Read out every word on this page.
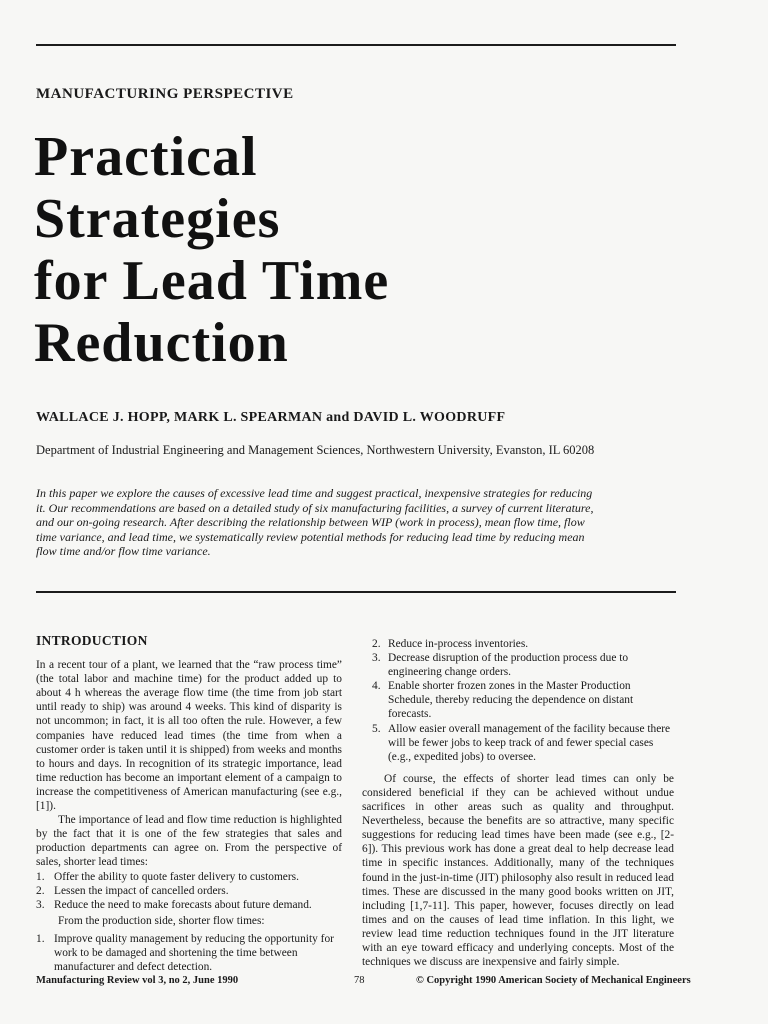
MANUFACTURING PERSPECTIVE
Practical
Strategies
for Lead Time
Reduction
WALLACE J. HOPP, MARK L. SPEARMAN and DAVID L. WOODRUFF
Department of Industrial Engineering and Management Sciences, Northwestern University, Evanston, IL 60208
In this paper we explore the causes of excessive lead time and suggest practical, inexpensive strategies for reducing it. Our recommendations are based on a detailed study of six manufacturing facilities, a survey of current literature, and our on-going research. After describing the relationship between WIP (work in process), mean flow time, flow time variance, and lead time, we systematically review potential methods for reducing lead time by reducing mean flow time and/or flow time variance.
INTRODUCTION

In a recent tour of a plant, we learned that the “raw process time” (the total labor and machine time) for the product added up to about 4 h whereas the average flow time (the time from job start until ready to ship) was around 4 weeks. This kind of disparity is not uncommon; in fact, it is all too often the rule. However, a few companies have reduced lead times (the time from when a customer order is taken until it is shipped) from weeks and months to hours and days. In recognition of its strategic importance, lead time reduction has become an important element of a campaign to increase the competitiveness of American manufacturing (see e.g., [1]).

The importance of lead and flow time reduction is highlighted by the fact that it is one of the few strategies that sales and production departments can agree on. From the perspective of sales, shorter lead times:

1. Offer the ability to quote faster delivery to customers.
2. Lessen the impact of cancelled orders.
3. Reduce the need to make forecasts about future demand.

From the production side, shorter flow times:

1. Improve quality management by reducing the opportunity for work to be damaged and shortening the time between manufacturer and defect detection.
2. Reduce in-process inventories.
3. Decrease disruption of the production process due to engineering change orders.
4. Enable shorter frozen zones in the Master Production Schedule, thereby reducing the dependence on distant forecasts.
5. Allow easier overall management of the facility because there will be fewer jobs to keep track of and fewer special cases (e.g., expedited jobs) to oversee.

Of course, the effects of shorter lead times can only be considered beneficial if they can be achieved without undue sacrifices in other areas such as quality and throughput. Nevertheless, because the benefits are so attractive, many specific suggestions for reducing lead times have been made (see e.g., [2-6]). This previous work has done a great deal to help decrease lead time in specific instances. Additionally, many of the techniques found in the just-in-time (JIT) philosophy also result in reduced lead times. These are discussed in the many good books written on JIT, including [1,7-11]. This paper, however, focuses directly on lead times and on the causes of lead time inflation. In this light, we review lead time reduction techniques found in the JIT literature with an eye toward efficacy and underlying concepts. Most of the techniques we discuss are inexpensive and fairly simple.

Manufacturing Review vol 3, no 2, June 1990	78	© Copyright 1990 American Society of Mechanical Engineers
